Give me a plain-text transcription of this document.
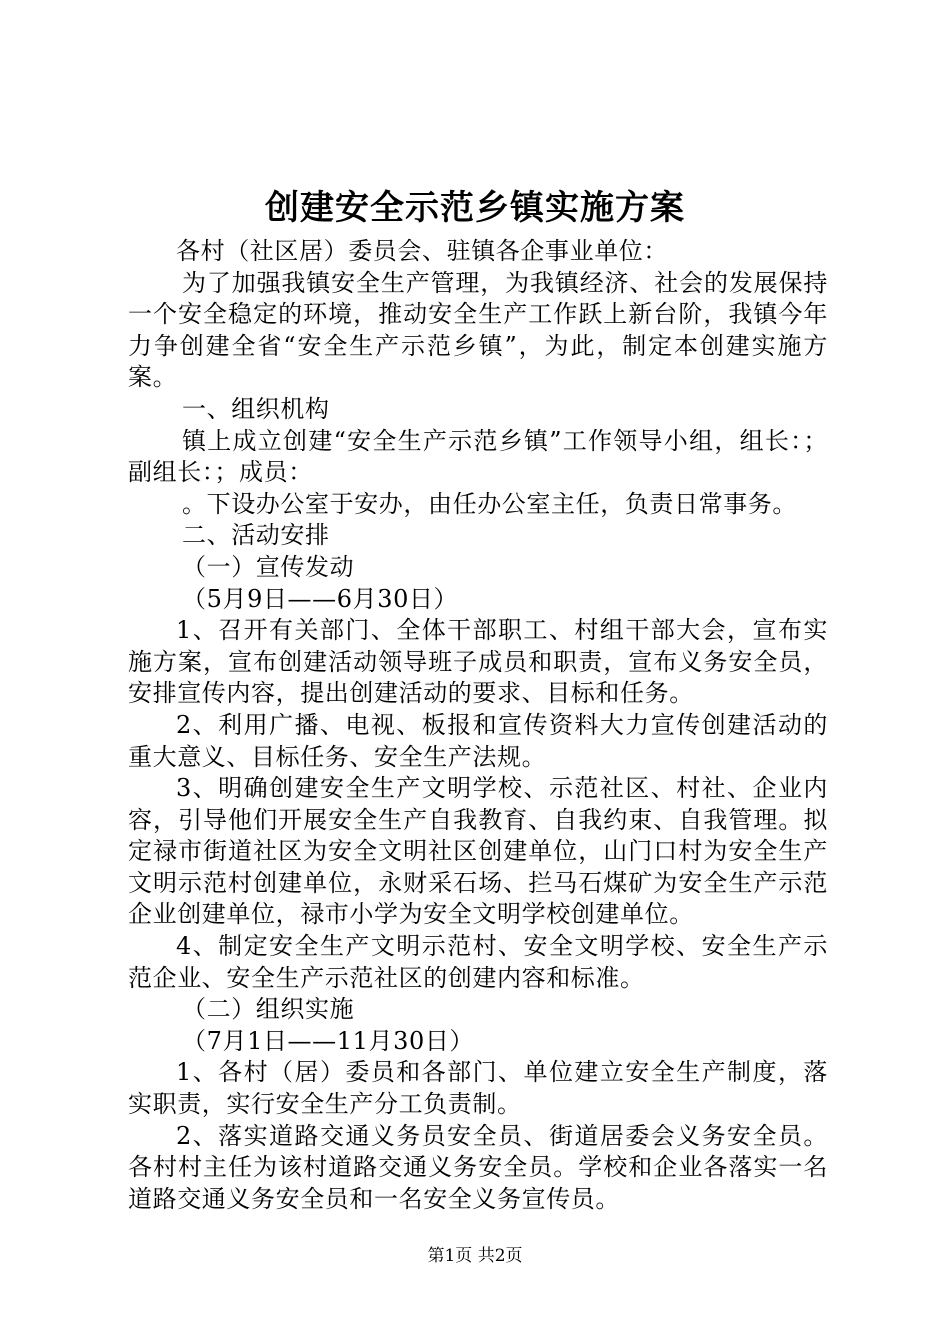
创建安全示范乡镇实施方案

各村（社区居）委员会、驻镇各企事业单位：

为了加强我镇安全生产管理，为我镇经济、社会的发展保持一个安全稳定的环境，推动安全生产工作跃上新台阶，我镇今年力争创建全省“安全生产示范乡镇”，为此，制定本创建实施方案。

一、组织机构

镇上成立创建“安全生产示范乡镇”工作领导小组，组长：；副组长：；成员：

。下设办公室于安办，由任办公室主任，负责日常事务。

二、活动安排

（一）宣传发动

（5月9日——6月30日）

1、召开有关部门、全体干部职工、村组干部大会，宣布实施方案，宣布创建活动领导班子成员和职责，宣布义务安全员，安排宣传内容，提出创建活动的要求、目标和任务。

2、利用广播、电视、板报和宣传资料大力宣传创建活动的重大意义、目标任务、安全生产法规。

3、明确创建安全生产文明学校、示范社区、村社、企业内容，引导他们开展安全生产自我教育、自我约束、自我管理。拟定禄市街道社区为安全文明社区创建单位，山门口村为安全生产文明示范村创建单位，永财采石场、拦马石煤矿为安全生产示范企业创建单位，禄市小学为安全文明学校创建单位。

4、制定安全生产文明示范村、安全文明学校、安全生产示范企业、安全生产示范社区的创建内容和标准。

（二）组织实施

（7月1日——11月30日）

1、各村（居）委员和各部门、单位建立安全生产制度，落实职责，实行安全生产分工负责制。

2、落实道路交通义务员安全员、街道居委会义务安全员。各村村主任为该村道路交通义务安全员。学校和企业各落实一名道路交通义务安全员和一名安全义务宣传员。

第1页 共2页
